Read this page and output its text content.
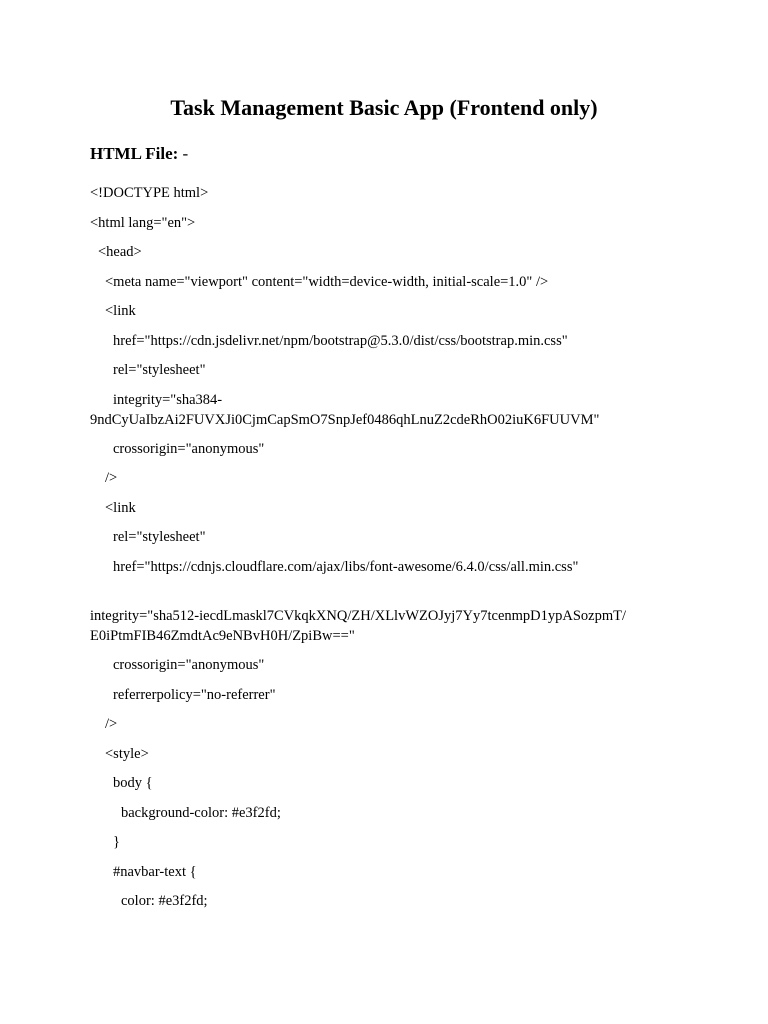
Task Management Basic App (Frontend only)
HTML File: -
<!DOCTYPE html>
<html lang="en">
<head>
<meta name="viewport" content="width=device-width, initial-scale=1.0" />
<link
href="https://cdn.jsdelivr.net/npm/bootstrap@5.3.0/dist/css/bootstrap.min.css"
rel="stylesheet"
integrity="sha384-
9ndCyUaIbzAi2FUVXJi0CjmCapSmO7SnpJef0486qhLnuZ2cdeRhO02iuK6FUUVM"
crossorigin="anonymous"
/>
<link
rel="stylesheet"
href="https://cdnjs.cloudflare.com/ajax/libs/font-awesome/6.4.0/css/all.min.css"
integrity="sha512-iecdLmaskl7CVkqkXNQ/ZH/XLlvWZOJyj7Yy7tcenmpD1ypASozpmT/
E0iPtmFIB46ZmdtAc9eNBvH0H/ZpiBw=="
crossorigin="anonymous"
referrerpolicy="no-referrer"
/>
<style>
body {
background-color: #e3f2fd;
}
#navbar-text {
color: #e3f2fd;
